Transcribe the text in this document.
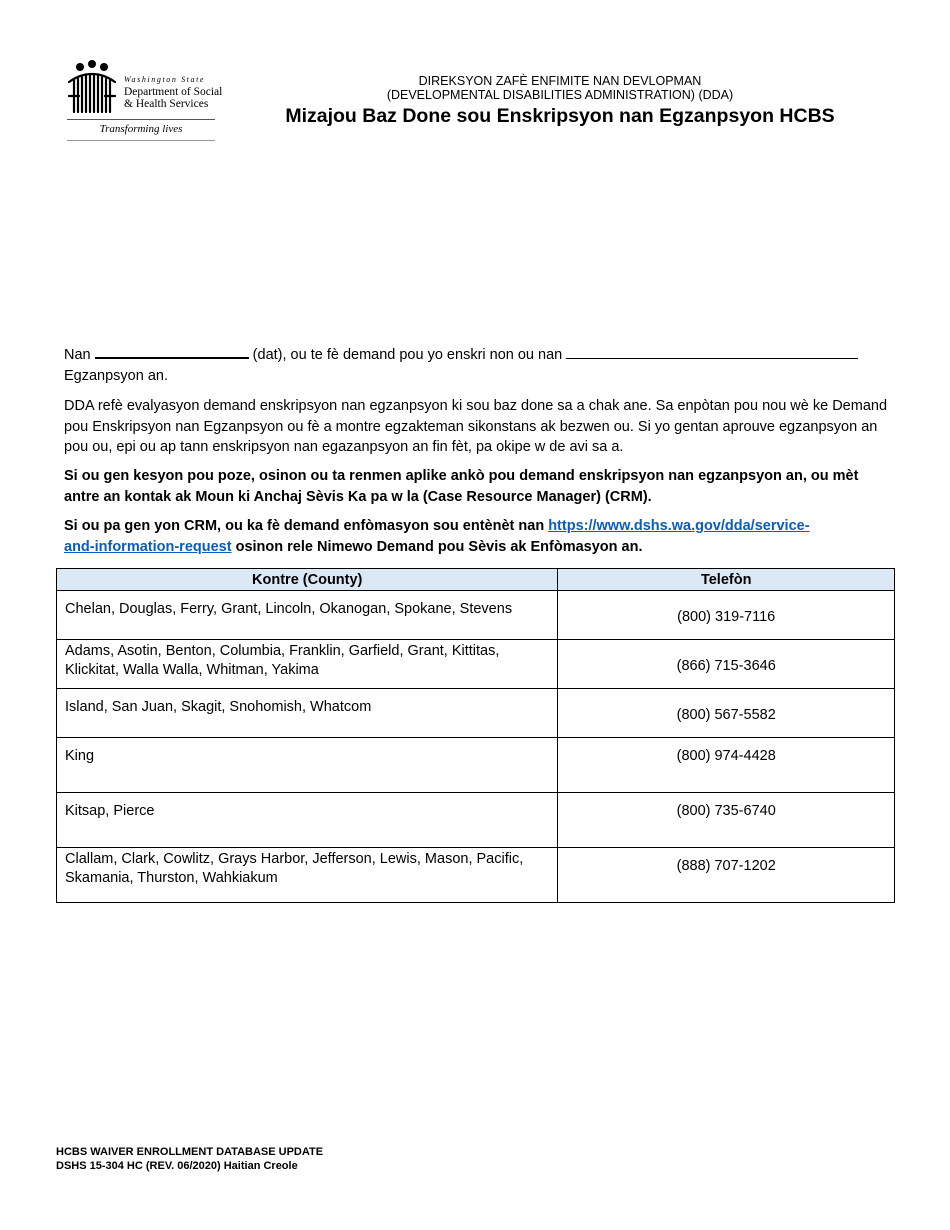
Washington State
Department of Social
& Health Services
Transforming lives
DIREKSYON ZAFÈ ENFIMITE NAN DEVLOPMAN
(DEVELOPMENTAL DISABILITIES ADMINISTRATION) (DDA)
Mizajou Baz Done sou Enskripsyon nan Egzanpsyon HCBS
Nan	(dat), ou te fè demand pou yo enskri non ou nan
Egzanpsyon an.
DDA refè evalyasyon demand enskripsyon nan egzanpsyon ki sou baz done sa a chak ane. Sa enpòtan pou nou wè ke Demand pou Enskripsyon nan Egzanpsyon ou fè a montre egzakteman sikonstans ak bezwen ou. Si yo gentan aprouve egzanpsyon an pou ou, epi ou ap tann enskripsyon nan egazanpsyon an fin fèt, pa okipe w de avi sa a.
Si ou gen kesyon pou poze, osinon ou ta renmen aplike ankò pou demand enskripsyon nan egzanpsyon an, ou mèt antre an kontak ak Moun ki Anchaj Sèvis Ka pa w la (Case Resource Manager) (CRM).
Si ou pa gen yon CRM, ou ka fè demand enfòmasyon sou entènèt nan https://www.dshs.wa.gov/dda/service-
and-information-request osinon rele Nimewo Demand pou Sèvis ak Enfòmasyon an.
Kontre (County)	Telefòn
Chelan, Douglas, Ferry, Grant, Lincoln, Okanogan, Spokane, Stevens	(800) 319-7116
Adams, Asotin, Benton, Columbia, Franklin, Garfield, Grant, Kittitas, Klickitat, Walla Walla, Whitman, Yakima	(866) 715-3646
Island, San Juan, Skagit, Snohomish, Whatcom	(800) 567-5582
King	(800) 974-4428
Kitsap, Pierce	(800) 735-6740
Clallam, Clark, Cowlitz, Grays Harbor, Jefferson, Lewis, Mason, Pacific, Skamania, Thurston, Wahkiakum	(888) 707-1202
HCBS WAIVER ENROLLMENT DATABASE UPDATE
DSHS 15-304 HC (REV. 06/2020) Haitian Creole
